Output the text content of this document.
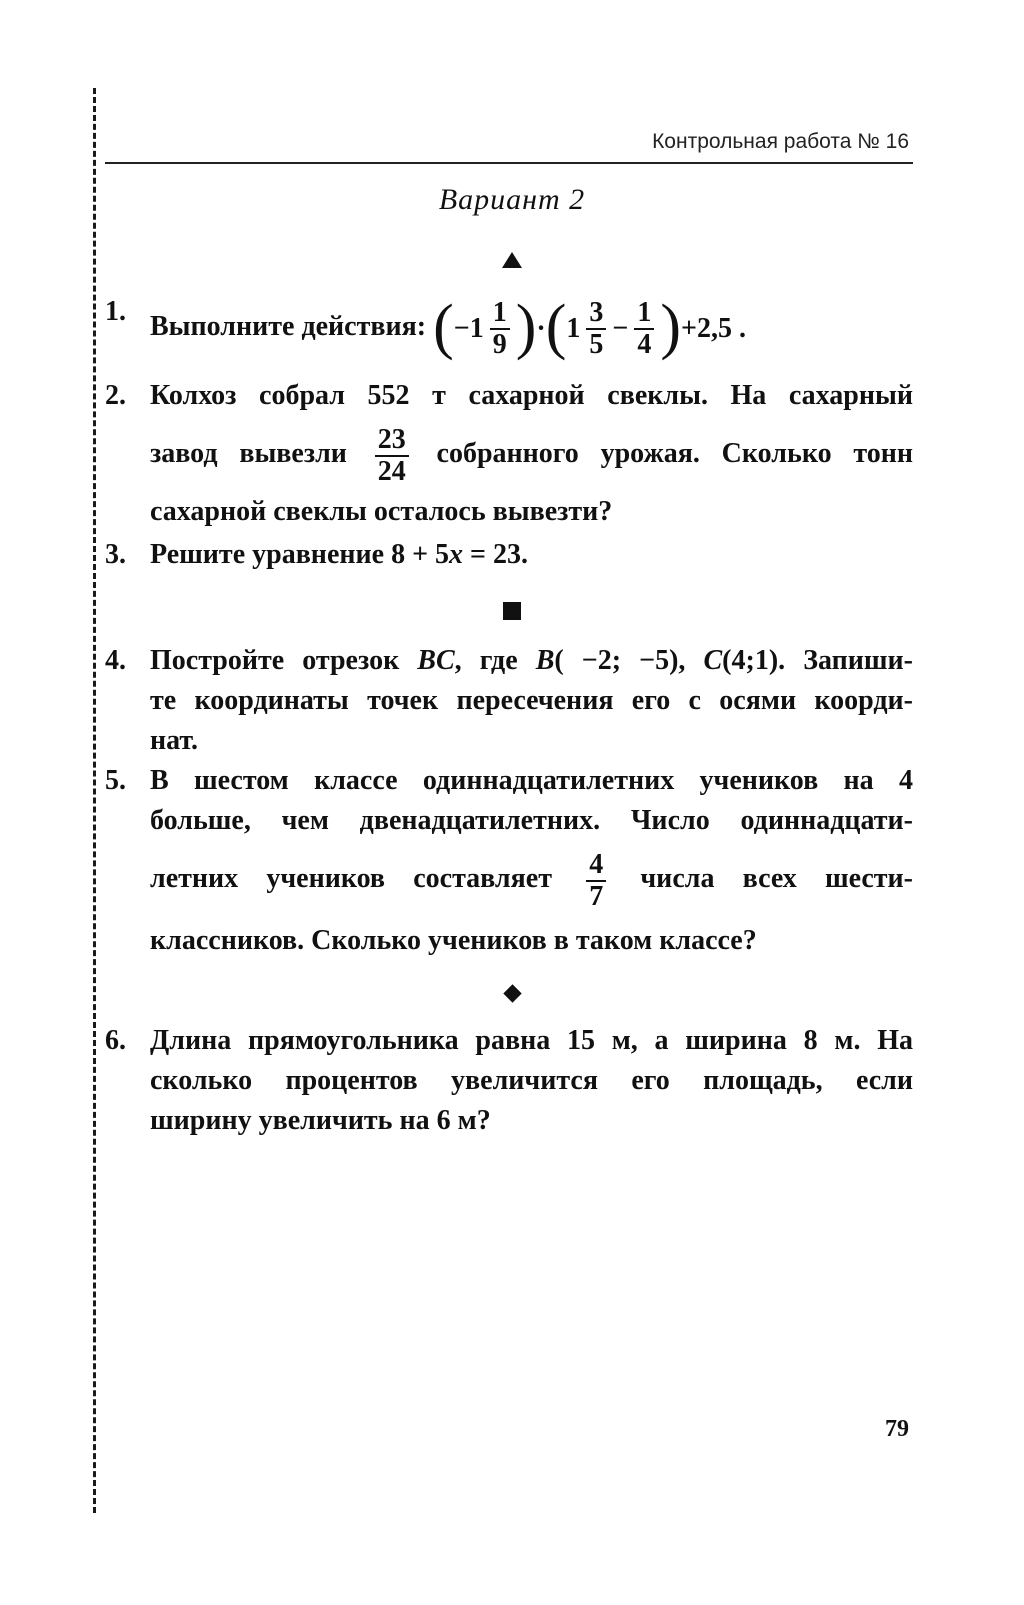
Контрольная работа № 16
Вариант 2
1. Выполните действия: ( $-1 \frac{1}{9}$ ) · ( $1 \frac{3}{5} - \frac{1}{4}$ ) +2,5 .
2. Колхоз собрал 552 т сахарной свеклы. На сахарный
завод вывезли $\frac{23}{24}$ собранного урожая. Сколько тонн
сахарной свеклы осталось вывезти?
3. Решите уравнение 8 + 5x = 23.
4. Постройте отрезок BC, где B( −2; −5), C(4;1). Запиши-
те координаты точек пересечения его с осями коорди-
нат.
5. В шестом классе одиннадцатилетних учеников на 4
больше, чем двенадцатилетних. Число одиннадцати-
летних учеников составляет $\frac{4}{7}$ числа всех шести-
классников. Сколько учеников в таком классе?
6. Длина прямоугольника равна 15 м, а ширина 8 м. На
сколько процентов увеличится его площадь, если
ширину увеличить на 6 м?
79
